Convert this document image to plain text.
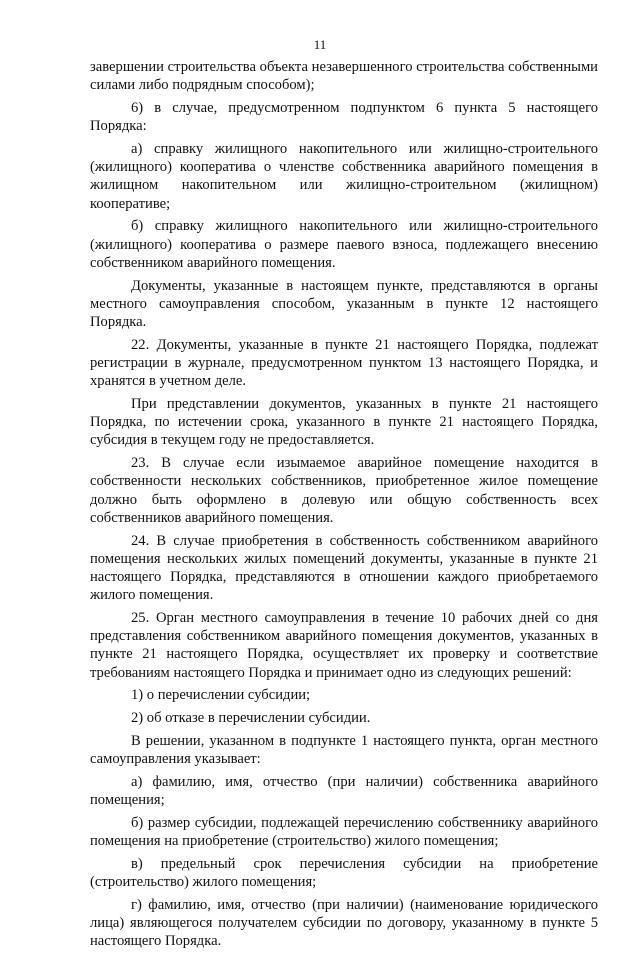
11

завершении строительства объекта незавершенного строительства собственными силами либо подрядным способом);

6) в случае, предусмотренном подпунктом 6 пункта 5 настоящего Порядка:

а) справку жилищного накопительного или жилищно-строительного (жилищного) кооператива о членстве собственника аварийного помещения в жилищном накопительном или жилищно-строительном (жилищном) кооперативе;

б) справку жилищного накопительного или жилищно-строительного (жилищного) кооператива о размере паевого взноса, подлежащего внесению собственником аварийного помещения.

Документы, указанные в настоящем пункте, представляются в органы местного самоуправления способом, указанным в пункте 12 настоящего Порядка.

22. Документы, указанные в пункте 21 настоящего Порядка, подлежат регистрации в журнале, предусмотренном пунктом 13 настоящего Порядка, и хранятся в учетном деле.

При представлении документов, указанных в пункте 21 настоящего Порядка, по истечении срока, указанного в пункте 21 настоящего Порядка, субсидия в текущем году не предоставляется.

23. В случае если изымаемое аварийное помещение находится в собственности нескольких собственников, приобретенное жилое помещение должно быть оформлено в долевую или общую собственность всех собственников аварийного помещения.

24. В случае приобретения в собственность собственником аварийного помещения нескольких жилых помещений документы, указанные в пункте 21 настоящего Порядка, представляются в отношении каждого приобретаемого жилого помещения.

25. Орган местного самоуправления в течение 10 рабочих дней со дня представления собственником аварийного помещения документов, указанных в пункте 21 настоящего Порядка, осуществляет их проверку и соответствие требованиям настоящего Порядка и принимает одно из следующих решений:

1) о перечислении субсидии;

2) об отказе в перечислении субсидии.

В решении, указанном в подпункте 1 настоящего пункта, орган местного самоуправления указывает:

а) фамилию, имя, отчество (при наличии) собственника аварийного помещения;

б) размер субсидии, подлежащей перечислению собственнику аварийного помещения на приобретение (строительство) жилого помещения;

в) предельный срок перечисления субсидии на приобретение (строительство) жилого помещения;

г) фамилию, имя, отчество (при наличии) (наименование юридического лица) являющегося получателем субсидии по договору, указанному в пункте 5 настоящего Порядка.
